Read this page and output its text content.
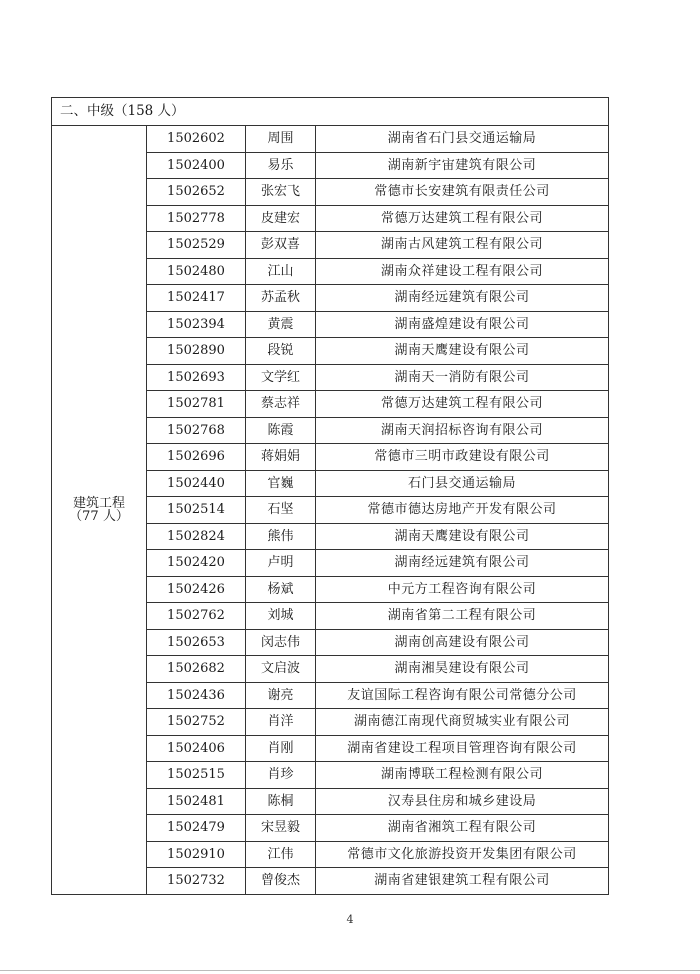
二、中级（158 人）			

建筑工程
（77 人）	1502602	周围	湖南省石门县交通运输局
	1502400	易乐	湖南新宇宙建筑有限公司
	1502652	张宏飞	常德市长安建筑有限责任公司
	1502778	皮建宏	常德万达建筑工程有限公司
	1502529	彭双喜	湖南古风建筑工程有限公司
	1502480	江山	湖南众祥建设工程有限公司
	1502417	苏孟秋	湖南经远建筑有限公司
	1502394	黄震	湖南盛煌建设有限公司
	1502890	段锐	湖南天鹰建设有限公司
	1502693	文学红	湖南天一消防有限公司
	1502781	蔡志祥	常德万达建筑工程有限公司
	1502768	陈霞	湖南天润招标咨询有限公司
	1502696	蒋娟娟	常德市三明市政建设有限公司
	1502440	官巍	石门县交通运输局
	1502514	石坚	常德市德达房地产开发有限公司
	1502824	熊伟	湖南天鹰建设有限公司
	1502420	卢明	湖南经远建筑有限公司
	1502426	杨斌	中元方工程咨询有限公司
	1502762	刘城	湖南省第二工程有限公司
	1502653	闵志伟	湖南创高建设有限公司
	1502682	文启波	湖南湘昊建设有限公司
	1502436	谢亮	友谊国际工程咨询有限公司常德分公司
	1502752	肖洋	湖南德江南现代商贸城实业有限公司
	1502406	肖刚	湖南省建设工程项目管理咨询有限公司
	1502515	肖珍	湖南博联工程检测有限公司
	1502481	陈桐	汉寿县住房和城乡建设局
	1502479	宋昱毅	湖南省湘筑工程有限公司
	1502910	江伟	常德市文化旅游投资开发集团有限公司
	1502732	曾俊杰	湖南省建银建筑工程有限公司
4
